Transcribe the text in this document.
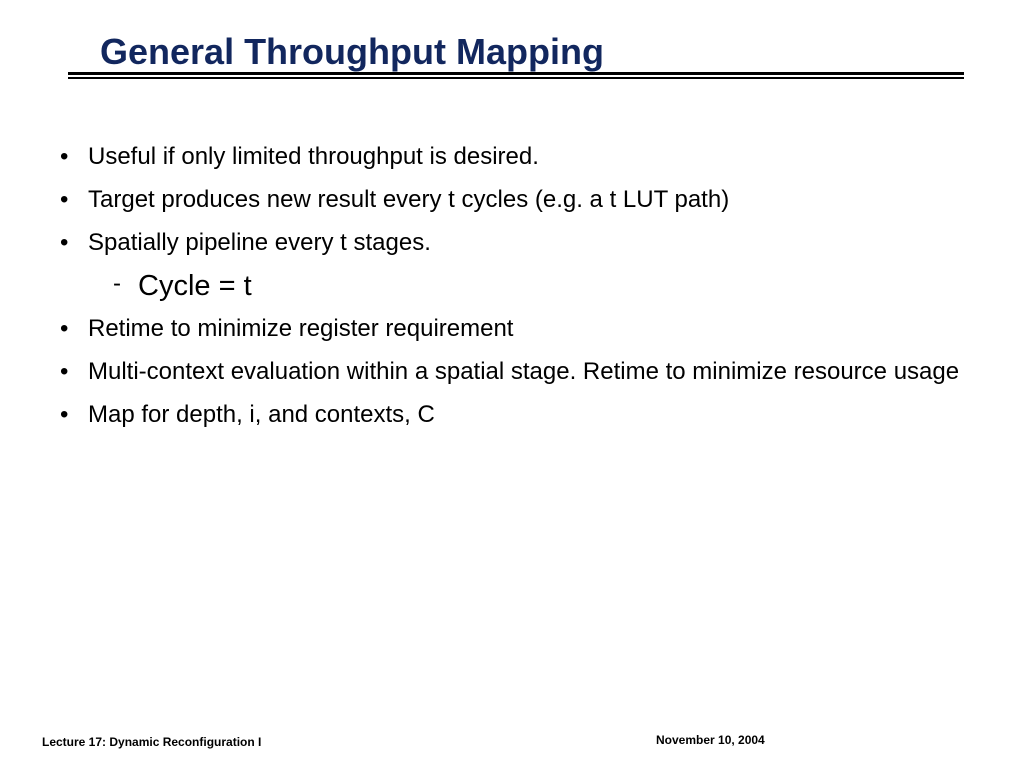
General Throughput Mapping
• Useful if only limited throughput is desired.
• Target produces new result every t cycles (e.g. a t LUT path)
• Spatially pipeline every t stages.
- Cycle = t
• Retime to minimize register requirement
• Multi-context evaluation within a spatial stage. Retime to minimize resource usage
• Map for depth, i, and contexts, C
Lecture 17: Dynamic Reconfiguration I	November 10, 2004
